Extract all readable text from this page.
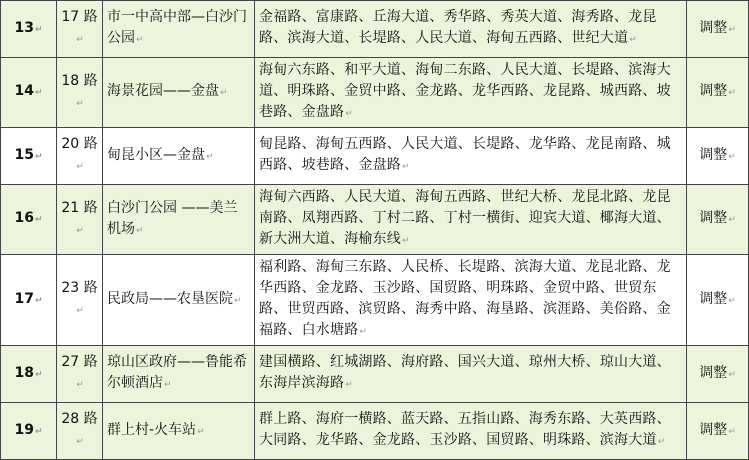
13↵	17 路↵	市一中高中部—白沙门公园↵	金福路、富康路、丘海大道、秀华路、秀英大道、海秀路、龙昆路、滨海大道、长堤路、人民大道、海甸五西路、世纪大道↵	调整↵
14↵	18 路↵	海景花园——金盘↵	海甸六东路、和平大道、海甸二东路、人民大道、长堤路、滨海大道、明珠路、金贸中路、金龙路、龙华西路、龙昆路、城西路、坡巷路、金盘路↵	调整↵
15↵	20 路↵	甸昆小区—金盘↵	甸昆路、海甸五西路、人民大道、长堤路、龙华路、龙昆南路、城西路、坡巷路、金盘路↵	调整↵
16↵	21 路↵	白沙门公园 ——美兰机场↵	海甸六西路、人民大道、海甸五西路、世纪大桥、龙昆北路、龙昆南路、凤翔西路、丁村二路、丁村一横街、迎宾大道、椰海大道、新大洲大道、海榆东线↵	调整↵
17↵	23 路↵	民政局——农垦医院↵	福利路、海甸三东路、人民桥、长堤路、滨海大道、龙昆北路、龙华西路、金龙路、玉沙路、国贸路、明珠路、金贸中路、世贸东路、世贸西路、滨贸路、海秀中路、海垦路、滨涯路、美俗路、金福路、白水塘路↵	调整↵
18↵	27 路↵	琼山区政府——鲁能希尔顿酒店↵	建国横路、红城湖路、海府路、国兴大道、琼州大桥、琼山大道、东海岸滨海路↵	调整↵
19↵	28 路↵	群上村-火车站↵	群上路、海府一横路、蓝天路、五指山路、海秀东路、大英西路、大同路、龙华路、金龙路、玉沙路、国贸路、明珠路、滨海大道↵	调整↵
